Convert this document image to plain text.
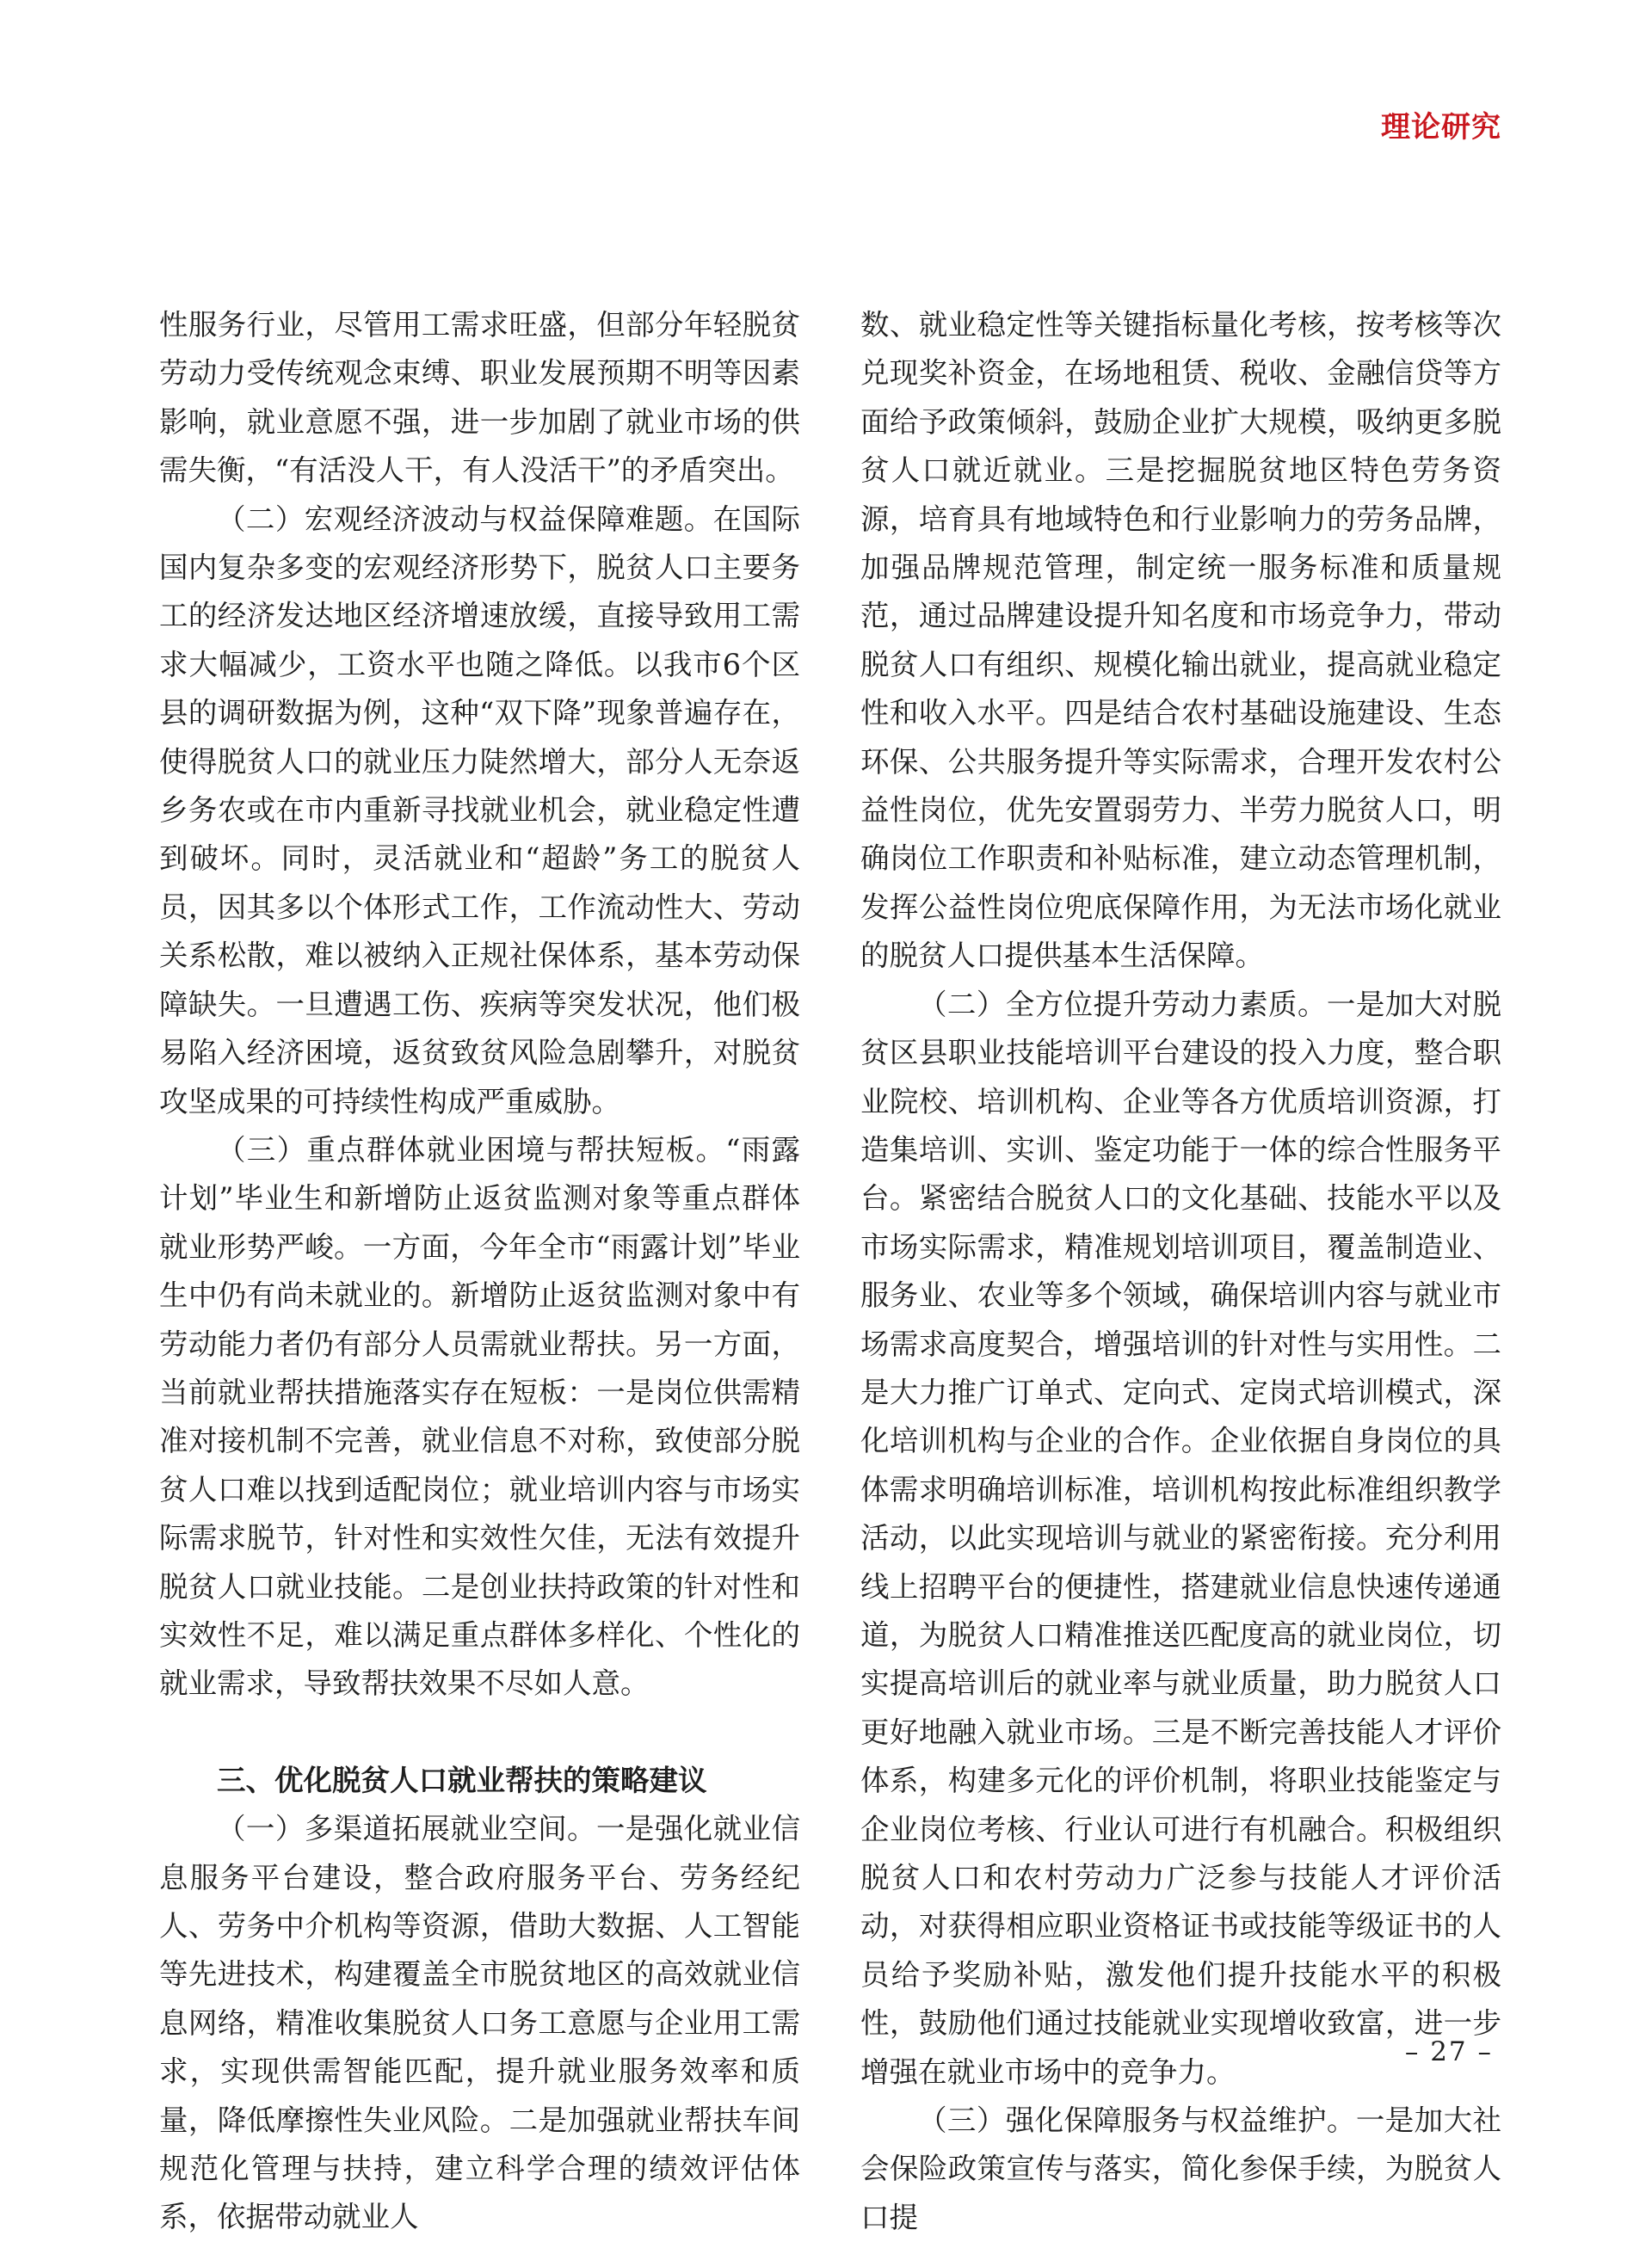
理论研究

性服务行业，尽管用工需求旺盛，但部分年轻脱贫劳动力受传统观念束缚、职业发展预期不明等因素影响，就业意愿不强，进一步加剧了就业市场的供需失衡，“有活没人干，有人没活干”的矛盾突出。

（二）宏观经济波动与权益保障难题。在国际国内复杂多变的宏观经济形势下，脱贫人口主要务工的经济发达地区经济增速放缓，直接导致用工需求大幅减少，工资水平也随之降低。以我市6个区县的调研数据为例，这种“双下降”现象普遍存在，使得脱贫人口的就业压力陡然增大，部分人无奈返乡务农或在市内重新寻找就业机会，就业稳定性遭到破坏。同时，灵活就业和“超龄”务工的脱贫人员，因其多以个体形式工作，工作流动性大、劳动关系松散，难以被纳入正规社保体系，基本劳动保障缺失。一旦遭遇工伤、疾病等突发状况，他们极易陷入经济困境，返贫致贫风险急剧攀升，对脱贫攻坚成果的可持续性构成严重威胁。

（三）重点群体就业困境与帮扶短板。“雨露计划”毕业生和新增防止返贫监测对象等重点群体就业形势严峻。一方面，今年全市“雨露计划”毕业生中仍有尚未就业的。新增防止返贫监测对象中有劳动能力者仍有部分人员需就业帮扶。另一方面，当前就业帮扶措施落实存在短板：一是岗位供需精准对接机制不完善，就业信息不对称，致使部分脱贫人口难以找到适配岗位；就业培训内容与市场实际需求脱节，针对性和实效性欠佳，无法有效提升脱贫人口就业技能。二是创业扶持政策的针对性和实效性不足，难以满足重点群体多样化、个性化的就业需求，导致帮扶效果不尽如人意。

三、优化脱贫人口就业帮扶的策略建议

（一）多渠道拓展就业空间。一是强化就业信息服务平台建设，整合政府服务平台、劳务经纪人、劳务中介机构等资源，借助大数据、人工智能等先进技术，构建覆盖全市脱贫地区的高效就业信息网络，精准收集脱贫人口务工意愿与企业用工需求，实现供需智能匹配，提升就业服务效率和质量，降低摩擦性失业风险。二是加强就业帮扶车间规范化管理与扶持，建立科学合理的绩效评估体系，依据带动就业人

数、就业稳定性等关键指标量化考核，按考核等次兑现奖补资金，在场地租赁、税收、金融信贷等方面给予政策倾斜，鼓励企业扩大规模，吸纳更多脱贫人口就近就业。三是挖掘脱贫地区特色劳务资源，培育具有地域特色和行业影响力的劳务品牌，加强品牌规范管理，制定统一服务标准和质量规范，通过品牌建设提升知名度和市场竞争力，带动脱贫人口有组织、规模化输出就业，提高就业稳定性和收入水平。四是结合农村基础设施建设、生态环保、公共服务提升等实际需求，合理开发农村公益性岗位，优先安置弱劳力、半劳力脱贫人口，明确岗位工作职责和补贴标准，建立动态管理机制，发挥公益性岗位兜底保障作用，为无法市场化就业的脱贫人口提供基本生活保障。

（二）全方位提升劳动力素质。一是加大对脱贫区县职业技能培训平台建设的投入力度，整合职业院校、培训机构、企业等各方优质培训资源，打造集培训、实训、鉴定功能于一体的综合性服务平台。紧密结合脱贫人口的文化基础、技能水平以及市场实际需求，精准规划培训项目，覆盖制造业、服务业、农业等多个领域，确保培训内容与就业市场需求高度契合，增强培训的针对性与实用性。二是大力推广订单式、定向式、定岗式培训模式，深化培训机构与企业的合作。企业依据自身岗位的具体需求明确培训标准，培训机构按此标准组织教学活动，以此实现培训与就业的紧密衔接。充分利用线上招聘平台的便捷性，搭建就业信息快速传递通道，为脱贫人口精准推送匹配度高的就业岗位，切实提高培训后的就业率与就业质量，助力脱贫人口更好地融入就业市场。三是不断完善技能人才评价体系，构建多元化的评价机制，将职业技能鉴定与企业岗位考核、行业认可进行有机融合。积极组织脱贫人口和农村劳动力广泛参与技能人才评价活动，对获得相应职业资格证书或技能等级证书的人员给予奖励补贴，激发他们提升技能水平的积极性，鼓励他们通过技能就业实现增收致富，进一步增强在就业市场中的竞争力。

（三）强化保障服务与权益维护。一是加大社会保险政策宣传与落实，简化参保手续，为脱贫人口提

– 27 –
